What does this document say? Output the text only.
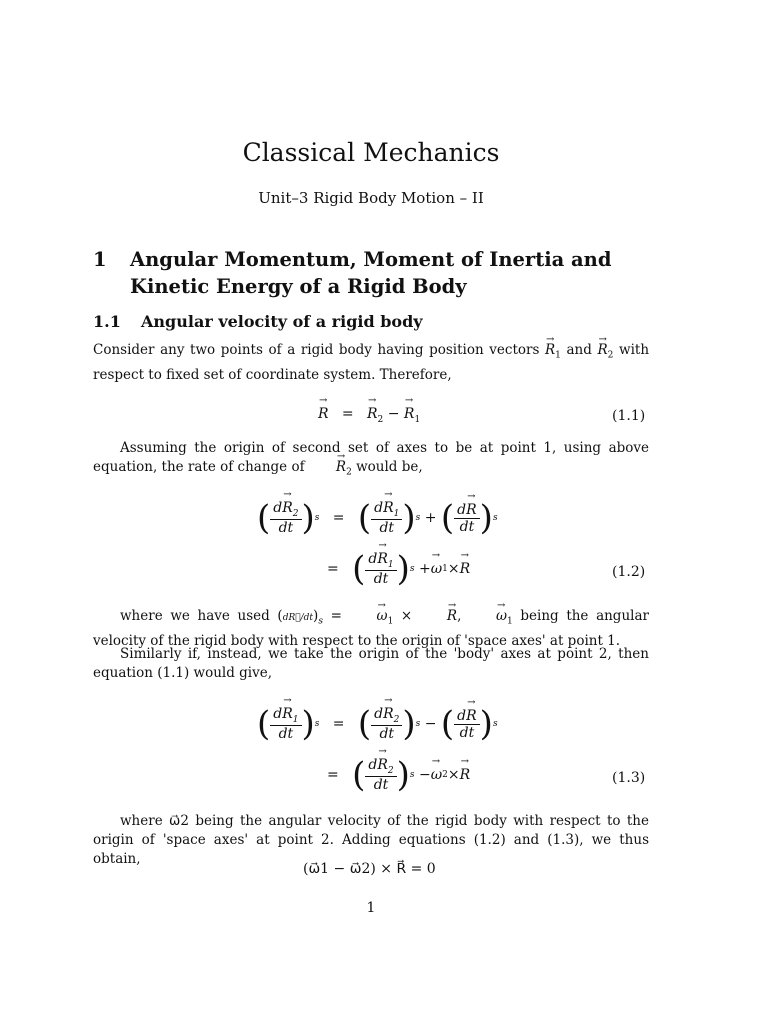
Classical Mechanics
Unit–3 Rigid Body Motion – II
1 Angular Momentum, Moment of Inertia and Kinetic Energy of a Rigid Body
1.1 Angular velocity of a rigid body
Consider any two points of a rigid body having position vectors → $R_1$ and → $R_2$ with respect to fixed set of coordinate system. Therefore,
→ R   =   → $R_2$ − → $R_1$	(1.1)
Assuming the origin of second set of axes to be at point 1, using above equation, the rate of change of → $R_2$ would be,
( $\frac{d\to R_2}{dt}$ ) s = ( $\frac{d\to R_1}{dt}$ ) s + ( $\frac{d\to R}{dt}$ ) s
= ( $\frac{d\to R_1}{dt}$ ) s + → ω 1 × → R	(1.2)
where we have used $(dR⃗/dt)_s$ = → $\omega_1$ × → R, → $\omega_1$ being the angular velocity of the rigid body with respect to the origin of 'space axes' at point 1.
Similarly if, instead, we take the origin of the 'body' axes at point 2, then equation (1.1) would give,
( $\frac{d\to R_1}{dt}$ ) s = ( $\frac{d\to R_2}{dt}$ ) s − ( $\frac{d\to R}{dt}$ ) s
= ( $\frac{d\to R_2}{dt}$ ) s − → ω 2 × → R	(1.3)
where ω⃗2 being the angular velocity of the rigid body with respect to the origin of 'space axes' at point 2. Adding equations (1.2) and (1.3), we thus obtain,
(ω⃗1 − ω⃗2) × R⃗ = 0
1
